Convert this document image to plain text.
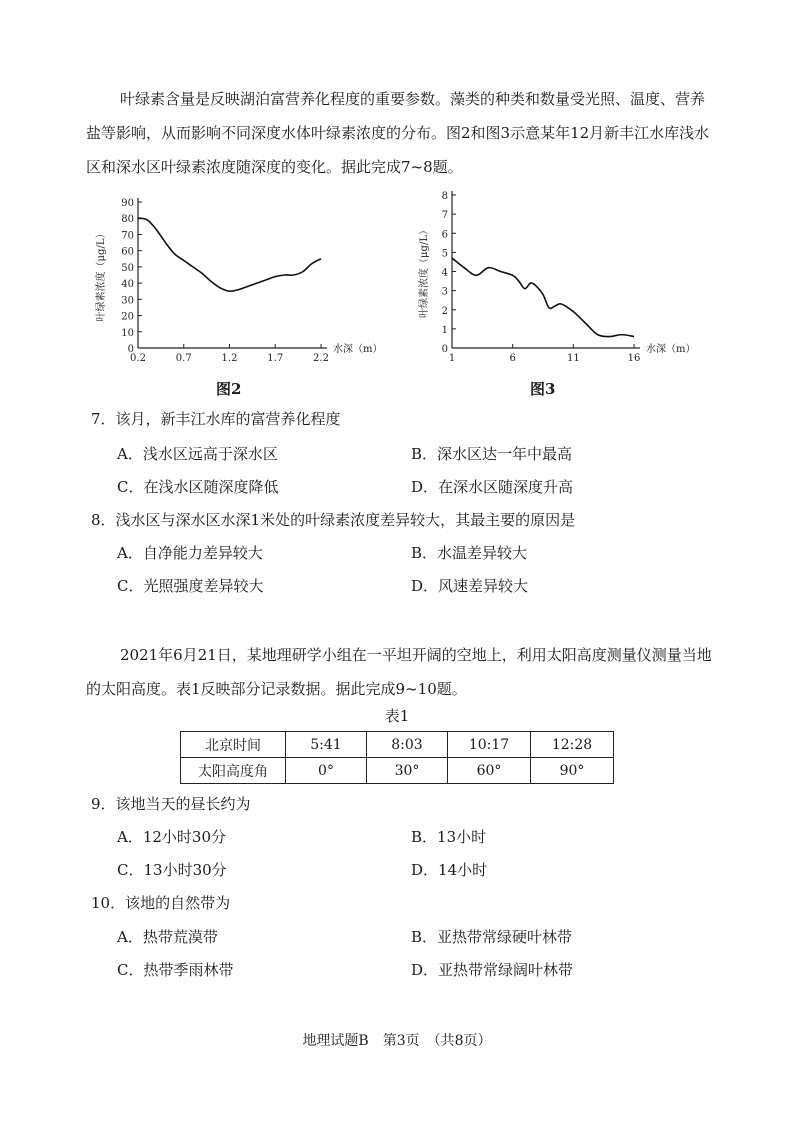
叶绿素含量是反映湖泊富营养化程度的重要参数。藻类的种类和数量受光照、温度、营养盐等影响，从而影响不同深度水体叶绿素浓度的分布。图2和图3示意某年12月新丰江水库浅水区和深水区叶绿素浓度随深度的变化。据此完成7~8题。

0
10
20
30
40
50
60
70
80
90
0.2	0.7	1.2	1.7	2.2
水深（m）
叶绿素浓度（μg/L）
图2
0
1
2
3
4
5
6
7
8
1	6	11	16
水深（m）
叶绿素浓度（μg/L）
图3
7．该月，新丰江水库的富营养化程度
A．浅水区远高于深水区	B．深水区达一年中最高
C．在浅水区随深度降低	D．在深水区随深度升高
8．浅水区与深水区水深1米处的叶绿素浓度差异较大，其最主要的原因是
A．自净能力差异较大	B．水温差异较大
C．光照强度差异较大	D．风速差异较大

2021年6月21日，某地理研学小组在一平坦开阔的空地上，利用太阳高度测量仪测量当地的太阳高度。表1反映部分记录数据。据此完成9~10题。

表1
北京时间	5:41	8:03	10:17	12:28
太阳高度角	0°	30°	60°	90°
9．该地当天的昼长约为
A．12小时30分	B．13小时
C．13小时30分	D．14小时
10．该地的自然带为
A．热带荒漠带	B．亚热带常绿硬叶林带
C．热带季雨林带	D．亚热带常绿阔叶林带
地理试题B　第3页　（共8页）
